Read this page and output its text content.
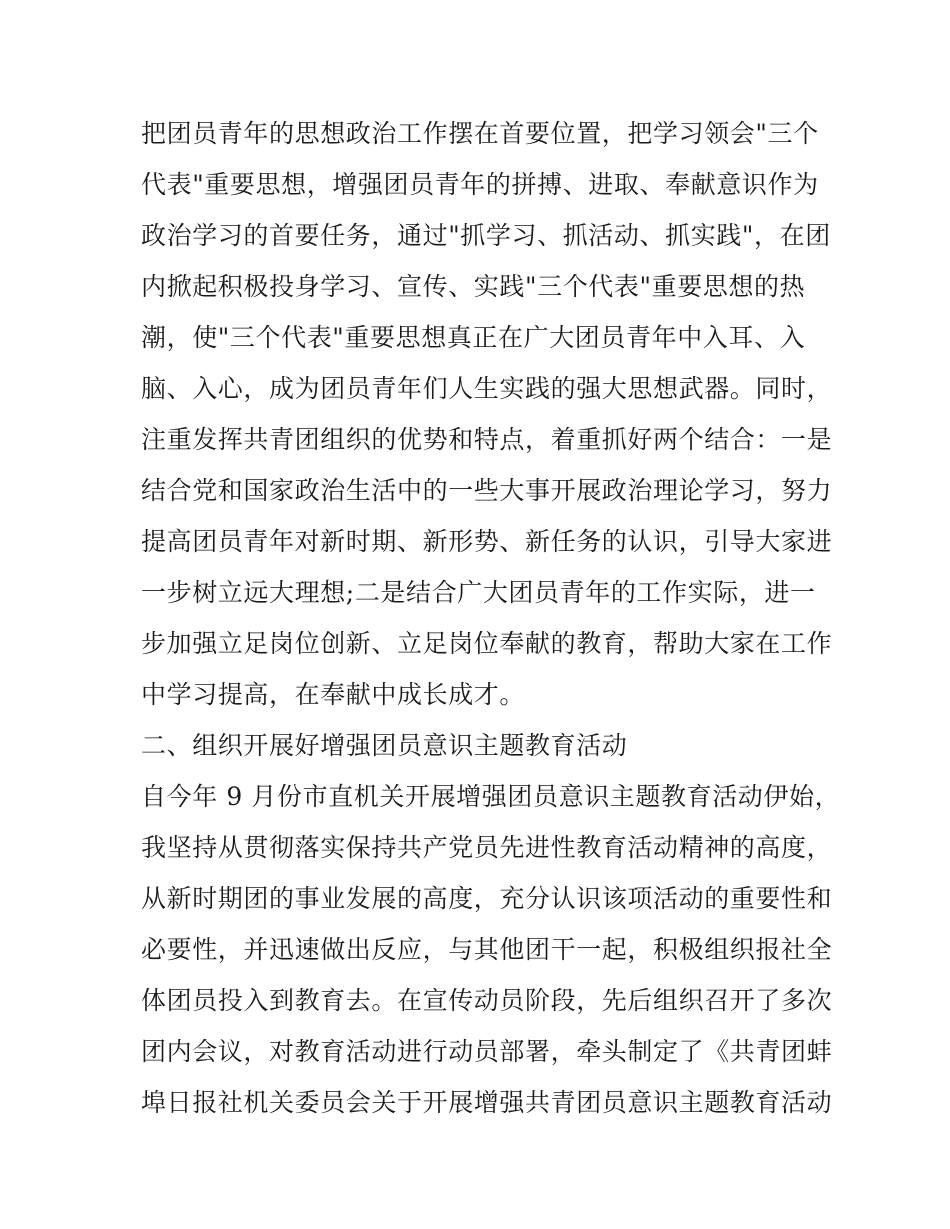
把团员青年的思想政治工作摆在首要位置，把学习领会"三个
代表"重要思想，增强团员青年的拼搏、进取、奉献意识作为
政治学习的首要任务，通过"抓学习、抓活动、抓实践"，在团
内掀起积极投身学习、宣传、实践"三个代表"重要思想的热
潮，使"三个代表"重要思想真正在广大团员青年中入耳、入
脑、入心，成为团员青年们人生实践的强大思想武器。同时，
注重发挥共青团组织的优势和特点，着重抓好两个结合：一是
结合党和国家政治生活中的一些大事开展政治理论学习，努力
提高团员青年对新时期、新形势、新任务的认识，引导大家进
一步树立远大理想;二是结合广大团员青年的工作实际，进一
步加强立足岗位创新、立足岗位奉献的教育，帮助大家在工作
中学习提高，在奉献中成长成才。
二、组织开展好增强团员意识主题教育活动
自今年 9 月份市直机关开展增强团员意识主题教育活动伊始，
我坚持从贯彻落实保持共产党员先进性教育活动精神的高度，
从新时期团的事业发展的高度，充分认识该项活动的重要性和
必要性，并迅速做出反应，与其他团干一起，积极组织报社全
体团员投入到教育去。在宣传动员阶段，先后组织召开了多次
团内会议，对教育活动进行动员部署，牵头制定了《共青团蚌
埠日报社机关委员会关于开展增强共青团员意识主题教育活动
